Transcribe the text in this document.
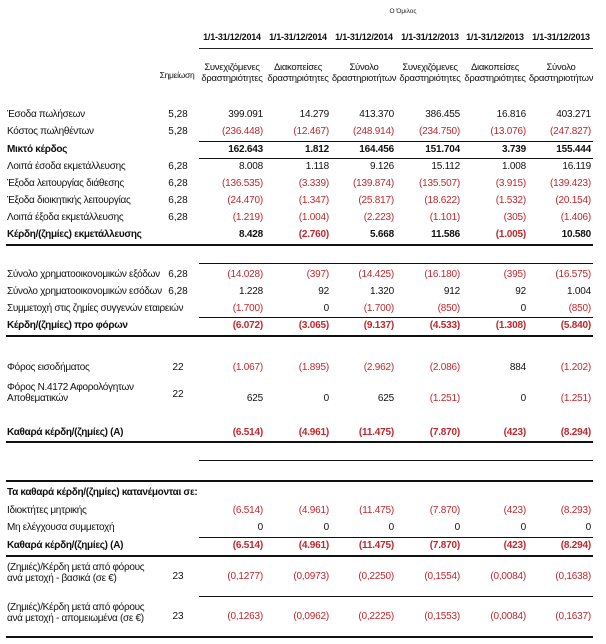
Ο Όμιλος
1/1-31/12/2014 1/1-31/12/2014 1/1-31/12/2014 1/1-31/12/2013 1/1-31/12/2013 1/1-31/12/2013
Σημείωση
Συνεχιζόμενες
δραστηριότητες
Διακοπείσες
δραστηριότητες
Σύνολο
δραστηριοτήτων
Συνεχιζόμενες
δραστηριότητες
Διακοπείσες
δραστηριότητες
Σύνολο
δραστηριοτήτων
Έσοδα πωλήσεων	5,28	399.091	14.279	413.370	386.455	16.816	403.271
Κόστος πωληθέντων	5,28	(236.448)	(12.467)	(248.914)	(234.750)	(13.076)	(247.827)
Μικτό κέρδος	162.643	1.812	164.456	151.704	3.739	155.444
Λοιπά έσοδα εκμετάλλευσης	6,28	8.008	1.118	9.126	15.112	1.008	16.119
Έξοδα λειτουργίας διάθεσης	6,28	(136.535)	(3.339)	(139.874)	(135.507)	(3.915)	(139.423)
Έξοδα διοικητικής λειτουργίας	6,28	(24.470)	(1.347)	(25.817)	(18.622)	(1.532)	(20.154)
Λοιπά έξοδα εκμετάλλευσης	6,28	(1.219)	(1.004)	(2.223)	(1.101)	(305)	(1.406)
Κέρδη/(ζημίες) εκμετάλλευσης	8.428	(2.760)	5.668	11.586	(1.005)	10.580
Σύνολο χρηματοοικονομικών εξόδων 6,28	(14.028)	(397)	(14.425)	(16.180)	(395)	(16.575)
Σύνολο χρηματοοικονομικών εσόδων 6,28	1.228	92	1.320	912	92	1.004
Συμμετοχή στις ζημίες συγγενών εταιρειών	(1.700)	0	(1.700)	(850)	0	(850)
Κέρδη/(ζημίες) προ φόρων	(6.072)	(3.065)	(9.137)	(4.533)	(1.308)	(5.840)
Φόρος εισοδήματος	22	(1.067)	(1.895)	(2.962)	(2.086)	884	(1.202)
Φόρος Ν.4172 Αφορολόγητων Αποθεματικών	22	625	0	625	(1.251)	0	(1.251)
Καθαρά κέρδη/(ζημίες) (Α)	(6.514)	(4.961)	(11.475)	(7.870)	(423)	(8.294)
Ιδιοκτήτες μητρικής	(6.514)	(4.961)	(11.475)	(7.870)	(423)	(8.293)
Μη ελέγχουσα συμμετοχή	0	0	0	0	0	0
Καθαρά κέρδη/(ζημίες) (Α)	(6.514)	(4.961)	(11.475)	(7.870)	(423)	(8.294)
(Ζημιές)/Κέρδη μετά από φόρους ανά μετοχή - βασικά (σε €)	23	(0,1277)	(0,0973)	(0,2250)	(0,1554)	(0,0084)	(0,1638)
(Ζημιές)/Κέρδη μετά από φόρους ανά μετοχή - απομειωμένα (σε €)	23	(0,1263)	(0,0962)	(0,2225)	(0,1553)	(0,0084)	(0,1637)
Τα καθαρά κέρδη/(ζημίες) κατανέμονται σε:
